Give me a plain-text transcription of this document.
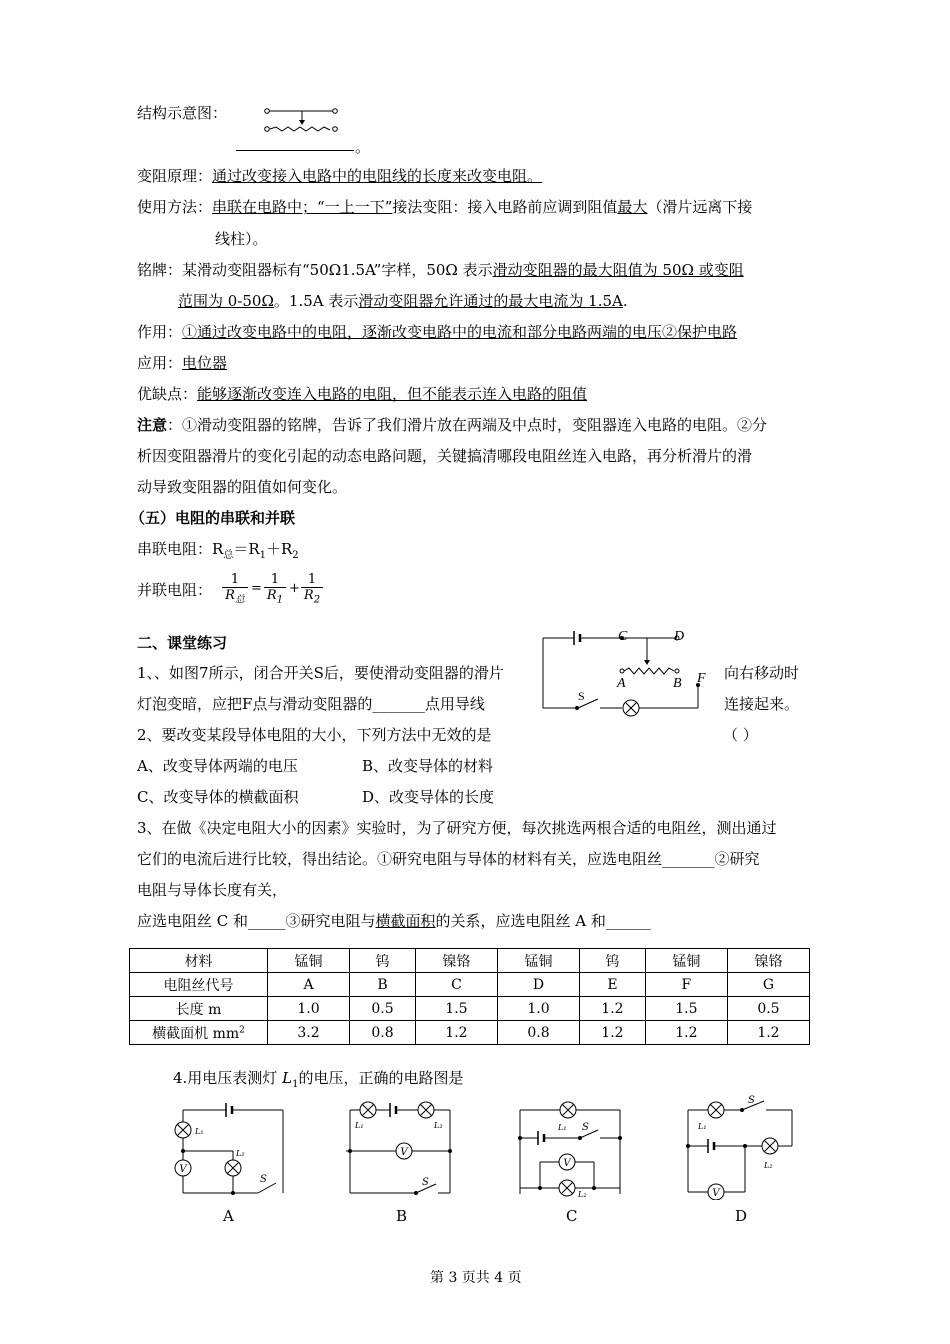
结构示意图：
。
变阻原理：通过改变接入电路中的电阻线的长度来改变电阻。
使用方法：串联在电路中；“一上一下”接法变阻：接入电路前应调到阻值最大（滑片远离下接
线柱）。
铭牌：某滑动变阻器标有“50Ω1.5A”字样，50Ω 表示滑动变阻器的最大阻值为 50Ω 或变阻
范围为 0-50Ω。1.5A 表示滑动变阻器允许通过的最大电流为 1.5A.
作用：①通过改变电路中的电阻，逐渐改变电路中的电流和部分电路两端的电压②保护电路
应用：电位器
优缺点：能够逐渐改变连入电路的电阻，但不能表示连入电路的阻值
注意：①滑动变阻器的铭牌，告诉了我们滑片放在两端及中点时，变阻器连入电路的电阻。②分
析因变阻器滑片的变化引起的动态电路问题，关键搞清哪段电阻丝连入电路，再分析滑片的滑
动导致变阻器的阻值如何变化。
（五）电阻的串联和并联
串联电阻：$R_总=R_1+R_2$
并联电阻：
1
$R_总$
= $\frac{1}{R_1} + \frac{1}{R_2}$
二、课堂练习	C	D
A	B F
S
1、、如图7所示，闭合开关S后，要使滑动变阻器的滑片	向右移动时
灯泡变暗，应把F点与滑动变阻器的_______点用导线	连接起来。
2、要改变某段导体电阻的大小，下列方法中无效的是	（ ）
A、改变导体两端的电压	B、改变导体的材料
C、改变导体的横截面积	D、改变导体的长度
3、在做《决定电阻大小的因素》实验时，为了研究方便，每次挑选两根合适的电阻丝，测出通过
它们的电流后进行比较，得出结论。①研究电阻与导体的材料有关，应选电阻丝_______②研究
电阻与导体长度有关，
应选电阻丝 C 和_____③研究电阻与横截面积的关系，应选电阻丝 A 和______
材料	锰铜	钨	镍铬	锰铜	钨	锰铜	镍铬
电阻丝代号	A	B	C	D	E	F	G
长度 m	1.0	0.5	1.5	1.0	1.2	1.5	0.5
横截面机 $mm^2$	3.2	0.8	1.2	0.8	1.2	1.2	1.2
4.用电压表测灯 $L_1$的电压，正确的电路图是
V
L₁
L₂
S
V
L₁	L₂
S
V
L₁
L₂
S
V
L₁
L₂
S
A	B	C	D
第 3 页共 4 页
